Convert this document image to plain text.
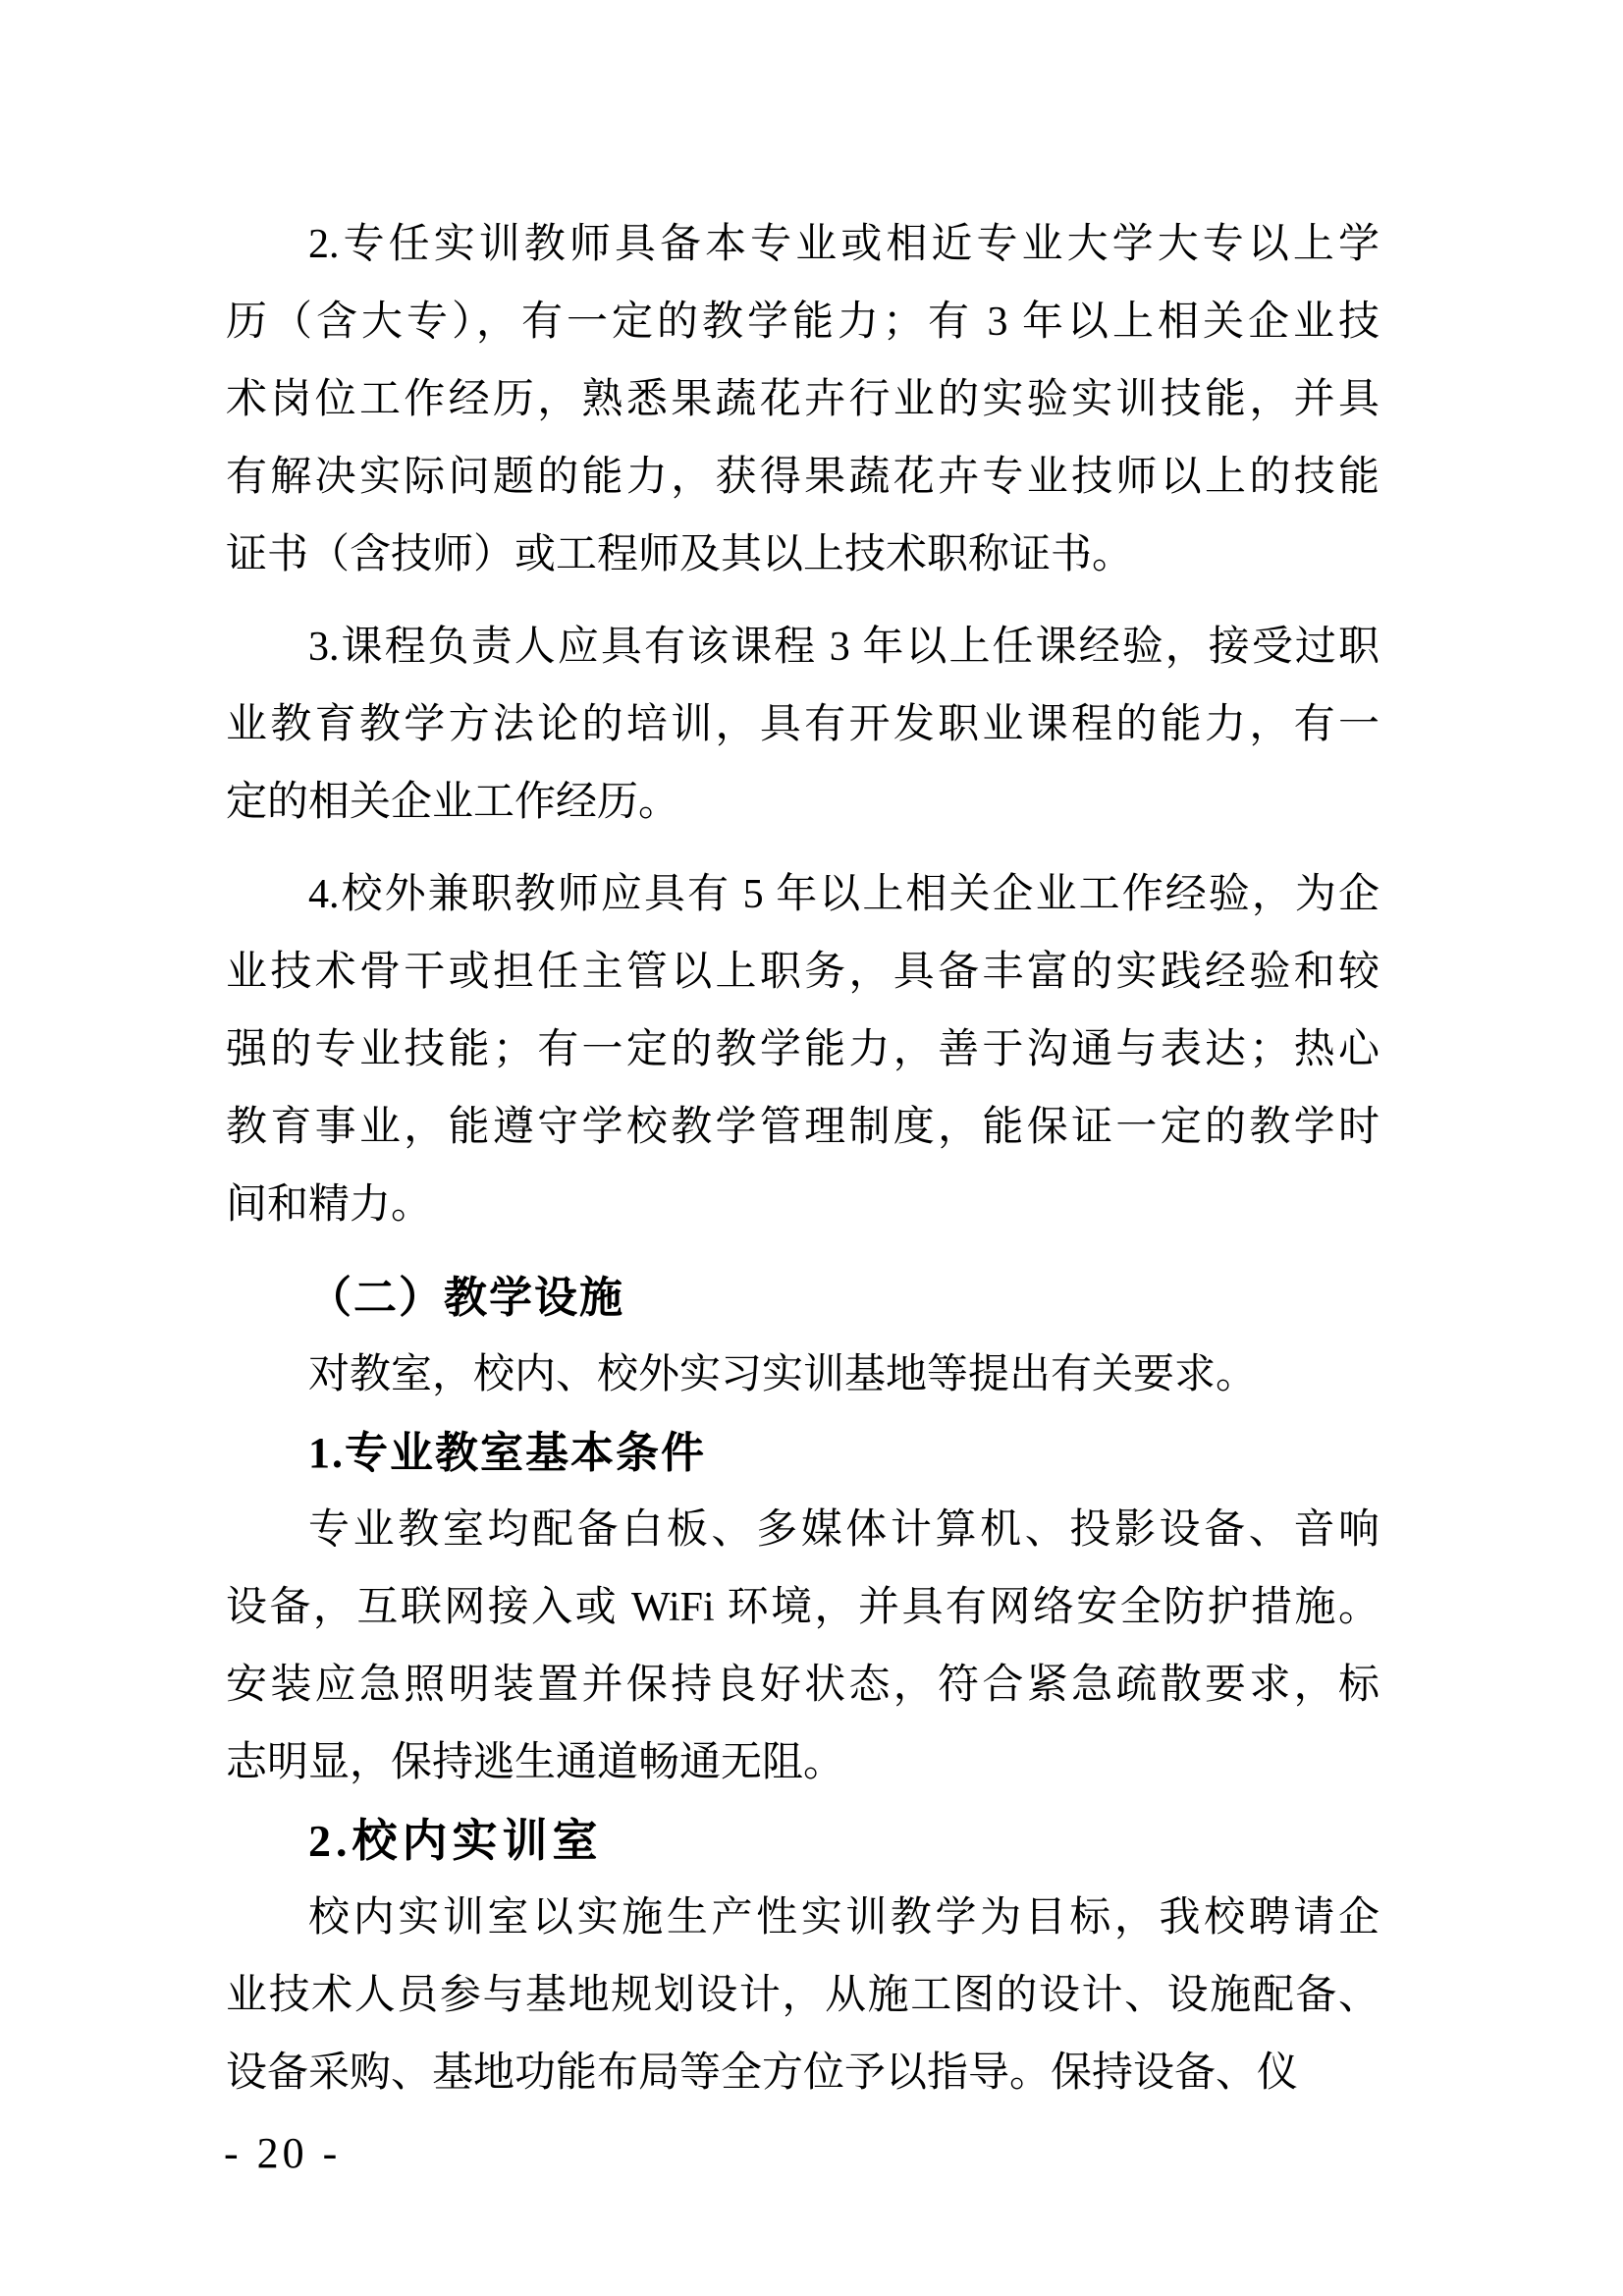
2.专任实训教师具备本专业或相近专业大学大专以上学
历（含大专），有一定的教学能力；有 3 年以上相关企业技
术岗位工作经历，熟悉果蔬花卉行业的实验实训技能，并具
有解决实际问题的能力，获得果蔬花卉专业技师以上的技能
证书（含技师）或工程师及其以上技术职称证书。
3.课程负责人应具有该课程 3 年以上任课经验，接受过职
业教育教学方法论的培训，具有开发职业课程的能力，有一
定的相关企业工作经历。
4.校外兼职教师应具有 5 年以上相关企业工作经验，为企
业技术骨干或担任主管以上职务，具备丰富的实践经验和较
强的专业技能；有一定的教学能力，善于沟通与表达；热心
教育事业，能遵守学校教学管理制度，能保证一定的教学时
间和精力。
（二）教学设施
对教室，校内、校外实习实训基地等提出有关要求。
1.专业教室基本条件
专业教室均配备白板、多媒体计算机、投影设备、音响
设备，互联网接入或 WiFi 环境，并具有网络安全防护措施。
安装应急照明装置并保持良好状态，符合紧急疏散要求，标
志明显，保持逃生通道畅通无阻。
2.校内实训室
校内实训室以实施生产性实训教学为目标，我校聘请企
业技术人员参与基地规划设计，从施工图的设计、设施配备、
设备采购、基地功能布局等全方位予以指导。保持设备、仪
- 20 -
